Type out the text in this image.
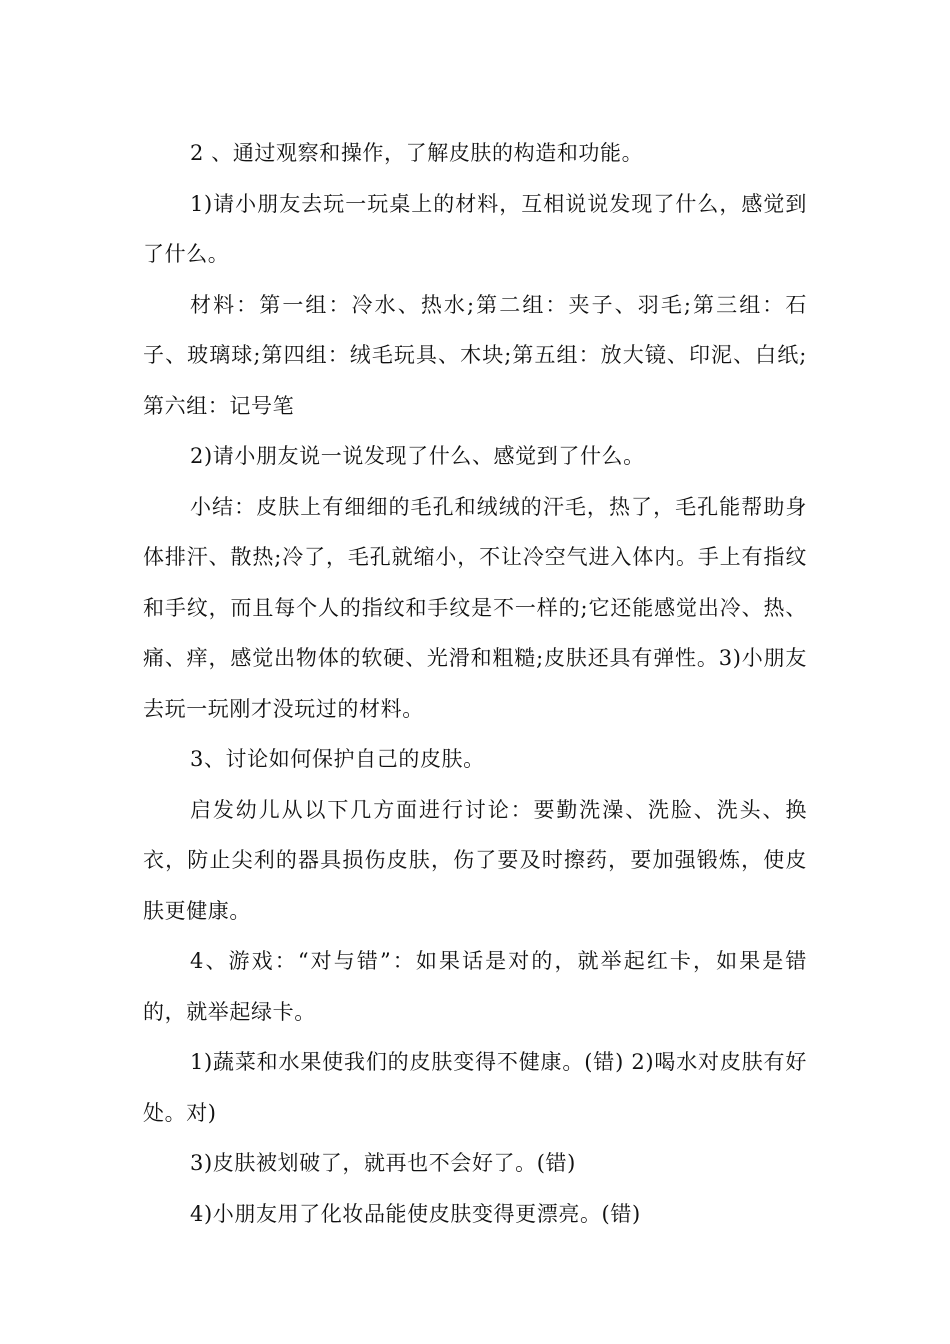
2 、通过观察和操作，了解皮肤的构造和功能。

1)请小朋友去玩一玩桌上的材料，互相说说发现了什么，感觉到了什么。

材料：第一组：冷水、热水;第二组：夹子、羽毛;第三组：石子、玻璃球;第四组：绒毛玩具、木块;第五组：放大镜、印泥、白纸;第六组：记号笔

2)请小朋友说一说发现了什么、感觉到了什么。

小结：皮肤上有细细的毛孔和绒绒的汗毛，热了，毛孔能帮助身体排汗、散热;冷了，毛孔就缩小，不让冷空气进入体内。手上有指纹和手纹，而且每个人的指纹和手纹是不一样的;它还能感觉出冷、热、痛、痒，感觉出物体的软硬、光滑和粗糙;皮肤还具有弹性。3)小朋友去玩一玩刚才没玩过的材料。

3、讨论如何保护自己的皮肤。

启发幼儿从以下几方面进行讨论：要勤洗澡、洗脸、洗头、换衣，防止尖利的器具损伤皮肤，伤了要及时擦药，要加强锻炼，使皮肤更健康。

4、游戏：“对与错”：如果话是对的，就举起红卡，如果是错的，就举起绿卡。

1)蔬菜和水果使我们的皮肤变得不健康。(错) 2)喝水对皮肤有好处。对)

3)皮肤被划破了，就再也不会好了。(错)

4)小朋友用了化妆品能使皮肤变得更漂亮。(错)
